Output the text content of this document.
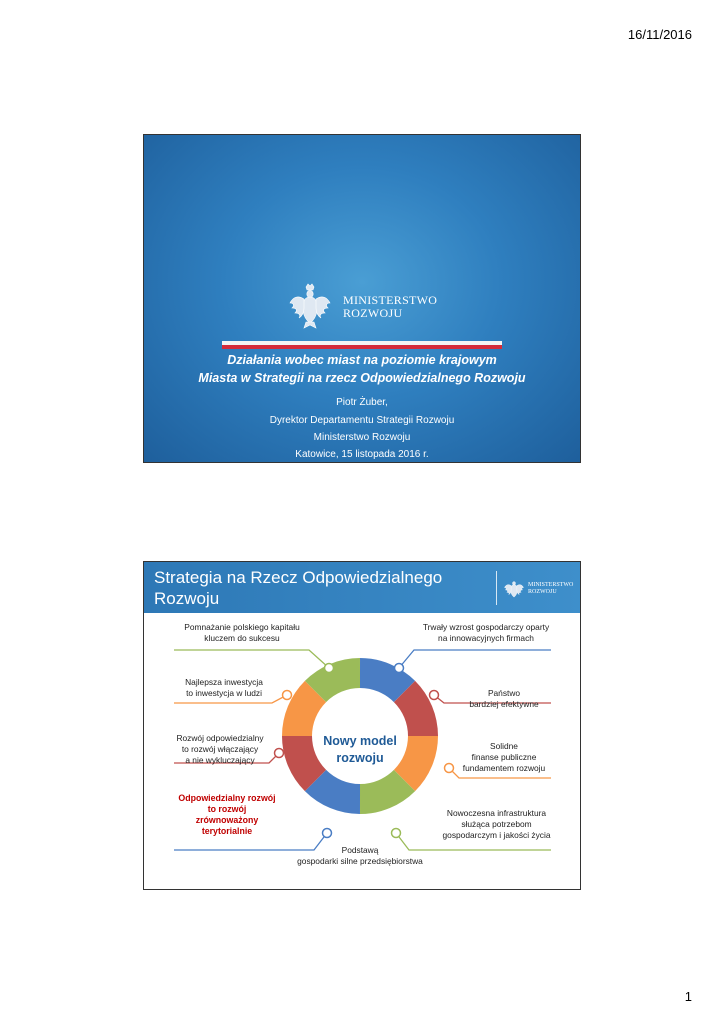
16/11/2016
MINISTERSTWO
ROZWOJU
Działania wobec miast na poziomie krajowym
Miasta w Strategii na rzecz Odpowiedzialnego Rozwoju
Piotr Żuber,
Dyrektor Departamentu Strategii Rozwoju
Ministerstwo Rozwoju
Katowice, 15 listopada 2016 r.
Strategia na Rzecz Odpowiedzialnego
Rozwoju
MINISTERSTWO
ROZWOJU
Nowy model
rozwoju
Pomnażanie polskiego kapitału
kluczem do sukcesu
Najlepsza inwestycja
to inwestycja w ludzi
Rozwój odpowiedzialny
to rozwój włączający
a nie wykluczający
Odpowiedzialny rozwój
to rozwój
zrównoważony
terytorialnie
Trwały wzrost gospodarczy oparty
na innowacyjnych firmach
Państwo
bardziej efektywne
Solidne
finanse publiczne
fundamentem rozwoju
Nowoczesna infrastruktura
służąca potrzebom
gospodarczym i jakości życia
Podstawą
gospodarki silne przedsiębiorstwa
1
